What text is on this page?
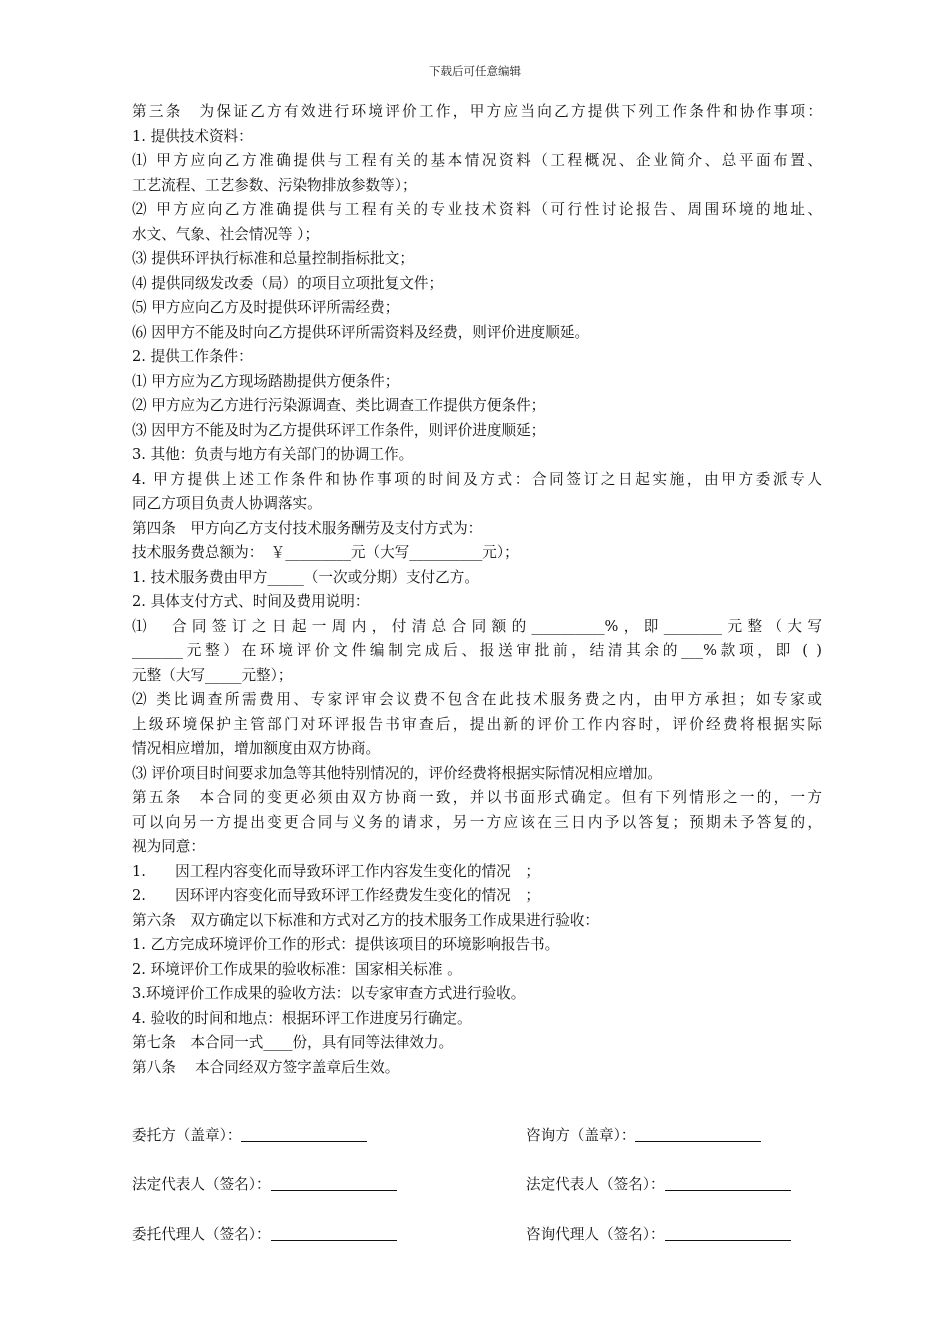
下载后可任意编辑
第三条　为保证乙方有效进行环境评价工作，甲方应当向乙方提供下列工作条件和协作事项：
1. 提供技术资料：
⑴ 甲方应向乙方准确提供与工程有关的基本情况资料（工程概况、企业简介、总平面布置、
工艺流程、工艺参数、污染物排放参数等）；
⑵ 甲方应向乙方准确提供与工程有关的专业技术资料（可行性讨论报告、周围环境的地址、
水文、气象、社会情况等 ）；
⑶ 提供环评执行标准和总量控制指标批文；
⑷ 提供同级发改委（局）的项目立项批复文件；
⑸ 甲方应向乙方及时提供环评所需经费；
⑹ 因甲方不能及时向乙方提供环评所需资料及经费，则评价进度顺延。
2. 提供工作条件：
⑴ 甲方应为乙方现场踏勘提供方便条件；
⑵ 甲方应为乙方进行污染源调查、类比调查工作提供方便条件；
⑶ 因甲方不能及时为乙方提供环评工作条件，则评价进度顺延；
3. 其他：负责与地方有关部门的协调工作。
4. 甲方提供上述工作条件和协作事项的时间及方式：合同签订之日起实施，由甲方委派专人
同乙方项目负责人协调落实。
第四条　甲方向乙方支付技术服务酬劳及支付方式为：
技术服务费总额为：　￥_________元（大写__________元）；
1. 技术服务费由甲方_____（一次或分期）支付乙方。
2. 具体支付方式、时间及费用说明：
⑴　合同签订之日起一周内，付清总合同额的__________%，即________元整（大写
_______元整）在环境评价文件编制完成后、报送审批前，结清其余的___%款项，即 ( )
元整（大写_____元整）；
⑵ 类比调查所需费用、专家评审会议费不包含在此技术服务费之内，由甲方承担；如专家或
上级环境保护主管部门对环评报告书审查后，提出新的评价工作内容时，评价经费将根据实际
情况相应增加，增加额度由双方协商。
⑶ 评价项目时间要求加急等其他特别情况的，评价经费将根据实际情况相应增加。
第五条　本合同的变更必须由双方协商一致，并以书面形式确定。但有下列情形之一的，一方
可以向另一方提出变更合同与义务的请求，另一方应该在三日内予以答复；预期未予答复的，
视为同意：
1.　　因工程内容变化而导致环评工作内容发生变化的情况　；
2.　　因环评内容变化而导致环评工作经费发生变化的情况　；
第六条　双方确定以下标准和方式对乙方的技术服务工作成果进行验收：
1. 乙方完成环境评价工作的形式：提供该项目的环境影响报告书。
2. 环境评价工作成果的验收标准：国家相关标准 。
3.环境评价工作成果的验收方法：以专家审查方式进行验收。
4. 验收的时间和地点：根据环评工作进度另行确定。
第七条　本合同一式____份，具有同等法律效力。
第八条　 本合同经双方签字盖章后生效。
委托方（盖章）：	咨询方（盖章）：
法定代表人（签名）：	法定代表人（签名）：
委托代理人（签名）：	咨询代理人（签名）：
